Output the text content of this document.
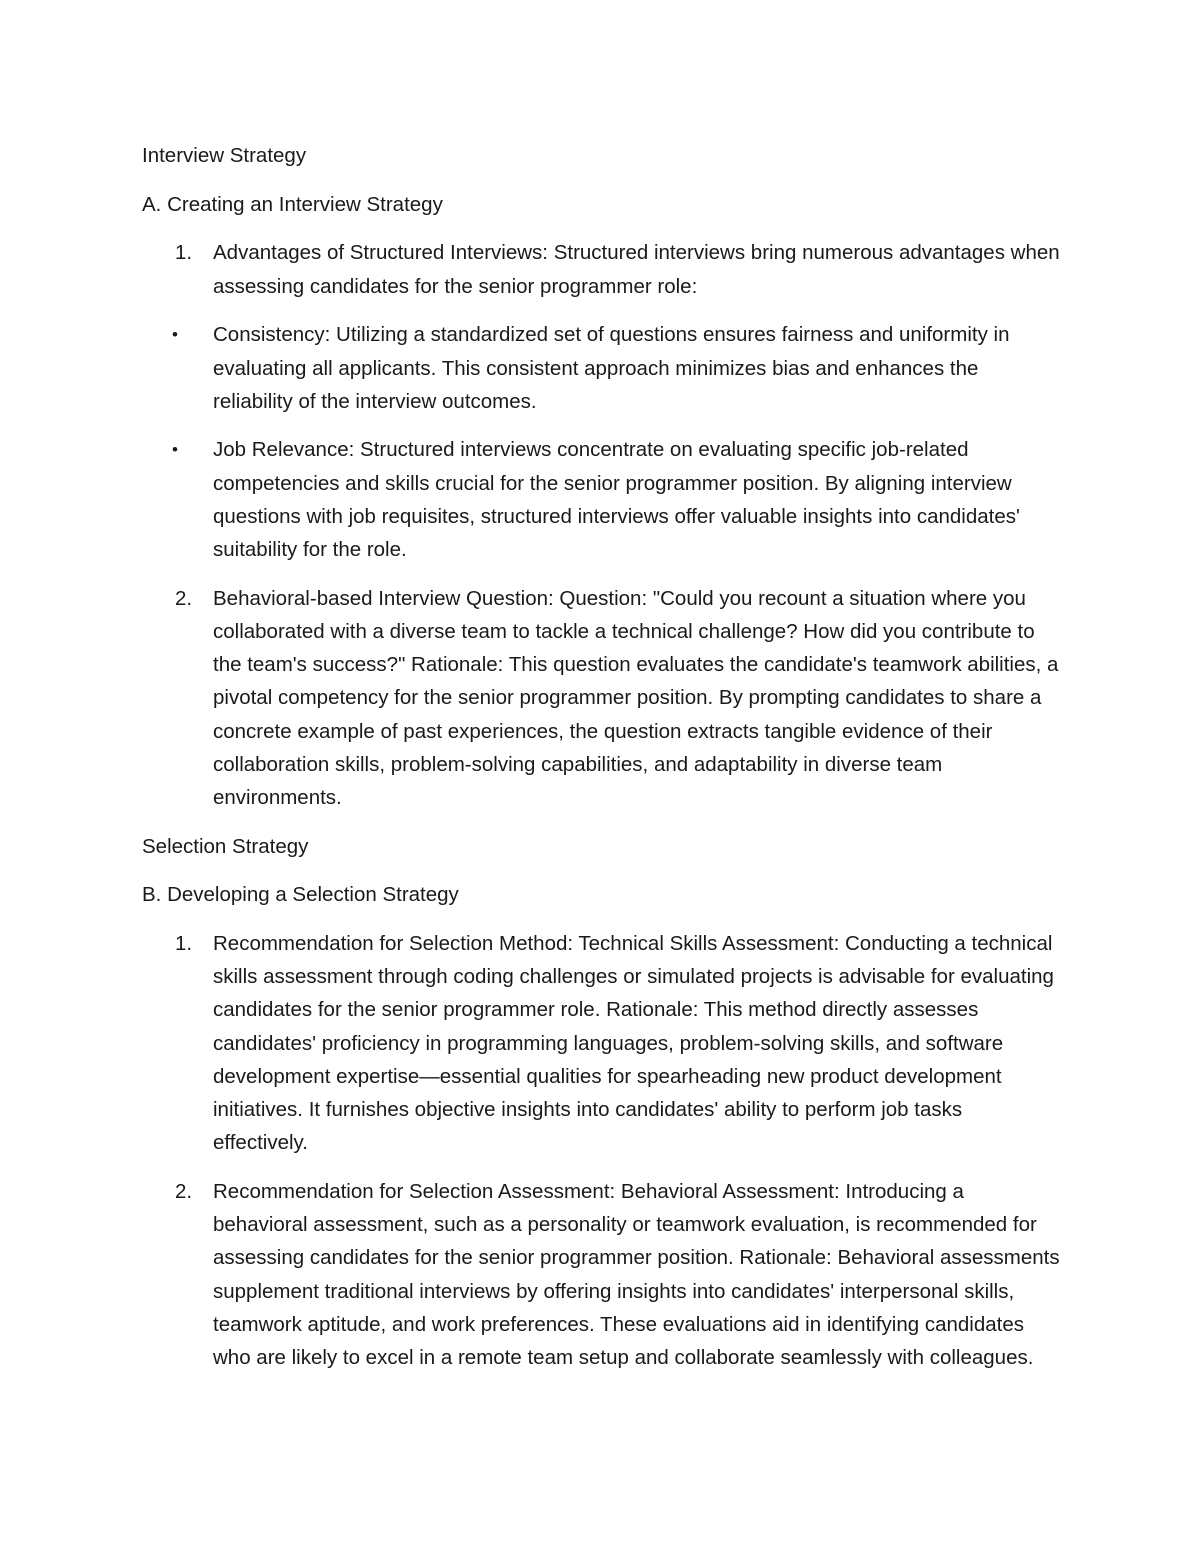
Interview Strategy

A. Creating an Interview Strategy

1. Advantages of Structured Interviews: Structured interviews bring numerous advantages when assessing candidates for the senior programmer role:
• Consistency: Utilizing a standardized set of questions ensures fairness and uniformity in evaluating all applicants. This consistent approach minimizes bias and enhances the reliability of the interview outcomes.
• Job Relevance: Structured interviews concentrate on evaluating specific job-related competencies and skills crucial for the senior programmer position. By aligning interview questions with job requisites, structured interviews offer valuable insights into candidates' suitability for the role.
2. Behavioral-based Interview Question: Question: "Could you recount a situation where you collaborated with a diverse team to tackle a technical challenge? How did you contribute to the team's success?" Rationale: This question evaluates the candidate's teamwork abilities, a pivotal competency for the senior programmer position. By prompting candidates to share a concrete example of past experiences, the question extracts tangible evidence of their collaboration skills, problem-solving capabilities, and adaptability in diverse team environments.

Selection Strategy

B. Developing a Selection Strategy

1. Recommendation for Selection Method: Technical Skills Assessment: Conducting a technical skills assessment through coding challenges or simulated projects is advisable for evaluating candidates for the senior programmer role. Rationale: This method directly assesses candidates' proficiency in programming languages, problem-solving skills, and software development expertise—essential qualities for spearheading new product development initiatives. It furnishes objective insights into candidates' ability to perform job tasks effectively.
2. Recommendation for Selection Assessment: Behavioral Assessment: Introducing a behavioral assessment, such as a personality or teamwork evaluation, is recommended for assessing candidates for the senior programmer position. Rationale: Behavioral assessments supplement traditional interviews by offering insights into candidates' interpersonal skills, teamwork aptitude, and work preferences. These evaluations aid in identifying candidates who are likely to excel in a remote team setup and collaborate seamlessly with colleagues.
